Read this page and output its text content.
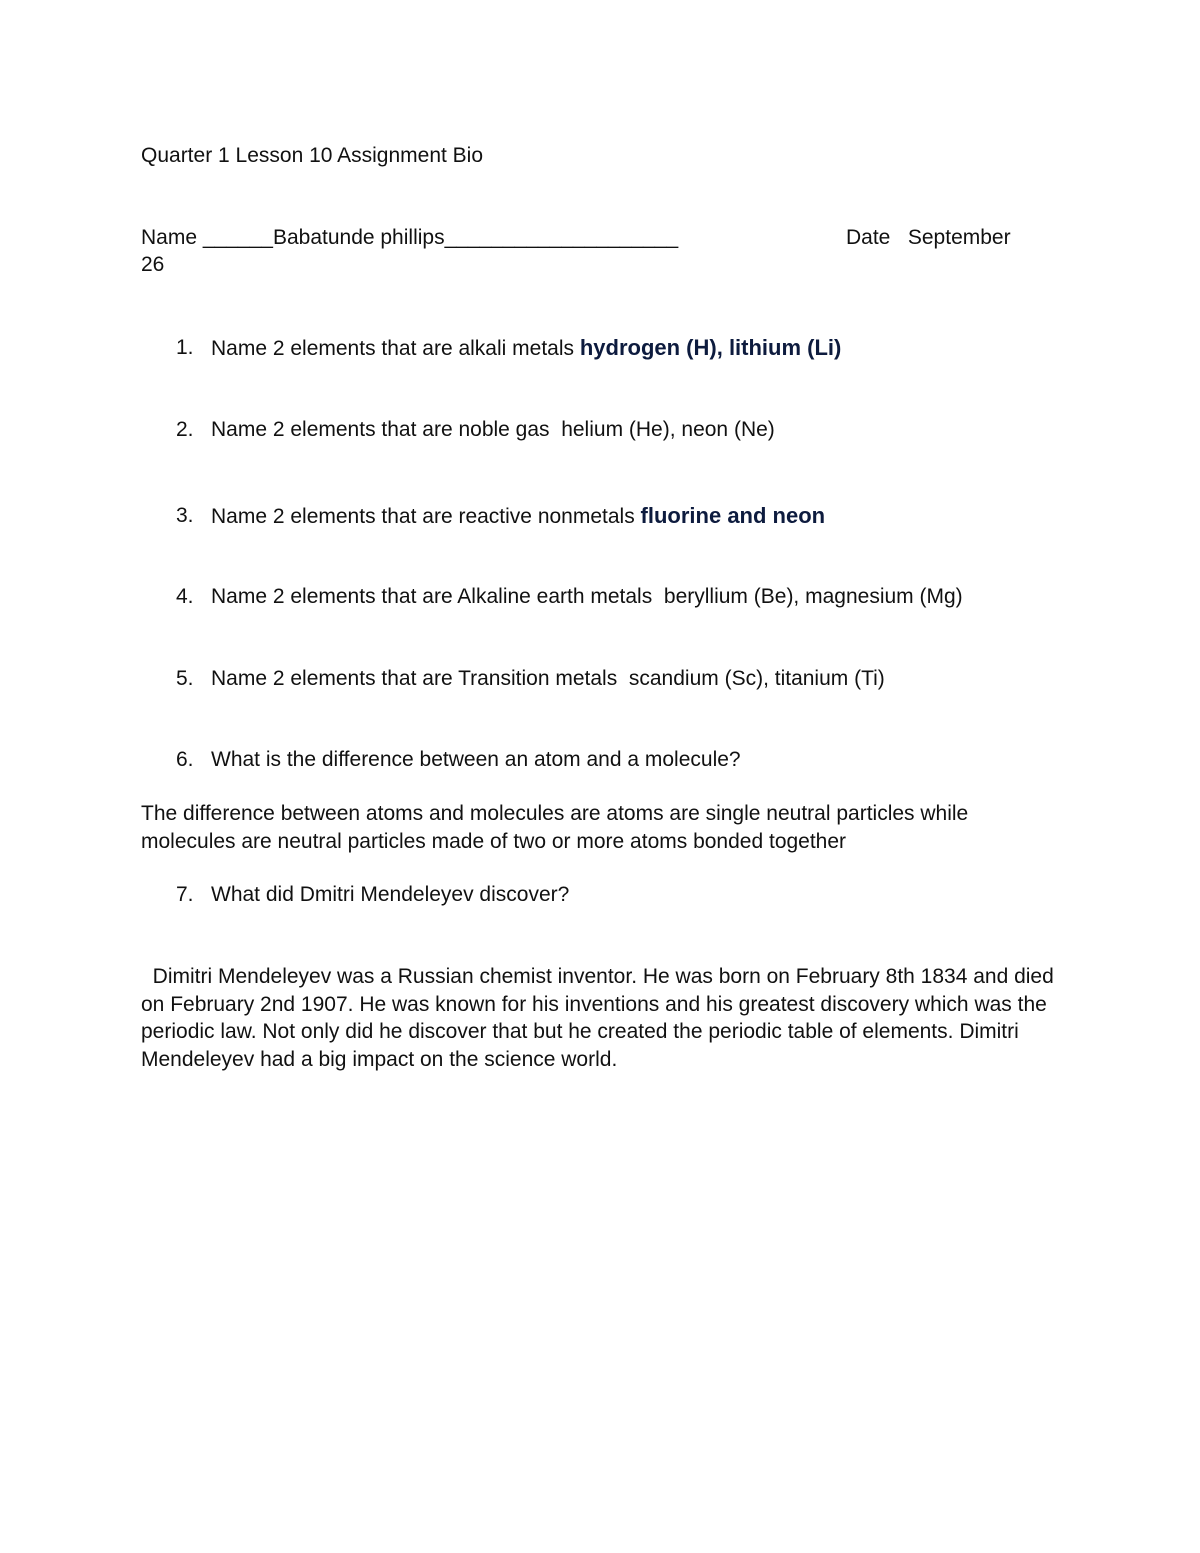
Quarter 1 Lesson 10 Assignment Bio
Name ______Babatunde phillips____________________	Date September
26
1. Name 2 elements that are alkali metals hydrogen (H), lithium (Li)
2. Name 2 elements that are noble gas  helium (He), neon (Ne)
3. Name 2 elements that are reactive nonmetals fluorine and neon
4. Name 2 elements that are Alkaline earth metals  beryllium (Be), magnesium (Mg)
5. Name 2 elements that are Transition metals  scandium (Sc), titanium (Ti)
6. What is the difference between an atom and a molecule?
The difference between atoms and molecules are atoms are single neutral particles while molecules are neutral particles made of two or more atoms bonded together
7. What did Dmitri Mendeleyev discover?
Dimitri Mendeleyev was a Russian chemist inventor. He was born on February 8th 1834 and died on February 2nd 1907. He was known for his inventions and his greatest discovery which was the periodic law. Not only did he discover that but he created the periodic table of elements. Dimitri Mendeleyev had a big impact on the science world.
